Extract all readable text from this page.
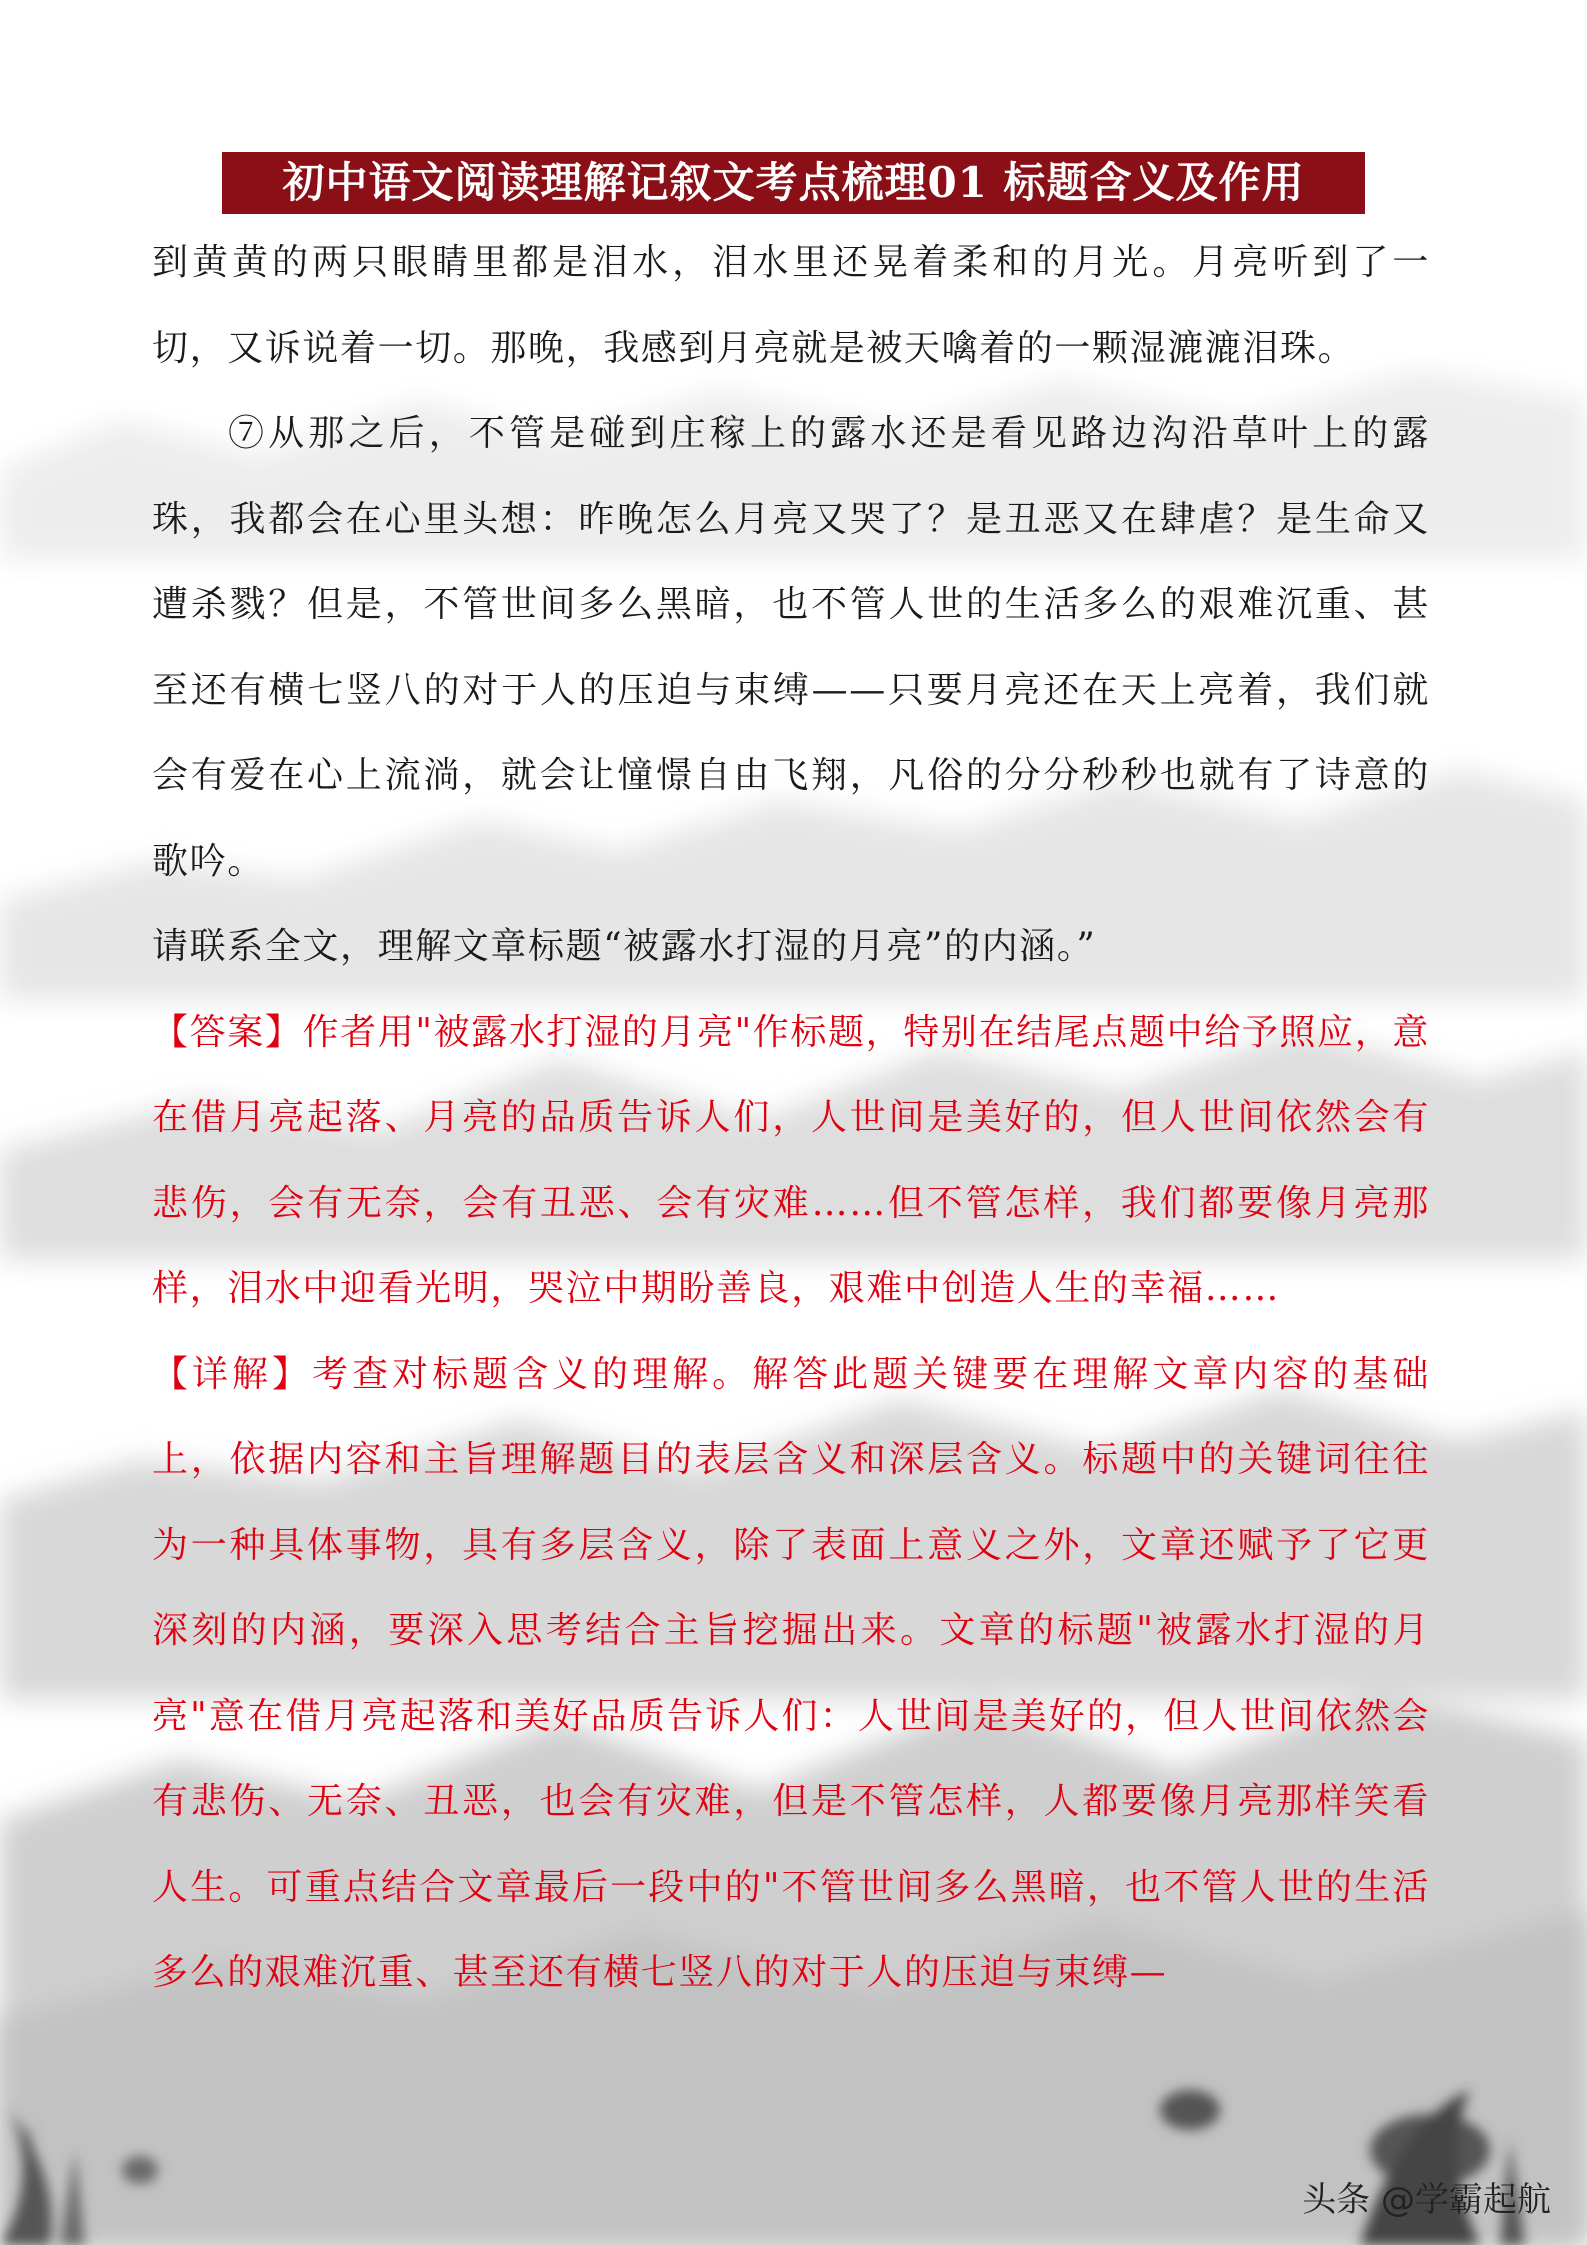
初中语文阅读理解记叙文考点梳理01 标题含义及作用

到黄黄的两只眼睛里都是泪水，泪水里还晃着柔和的月光。月亮听到了一切，又诉说着一切。那晚，我感到月亮就是被天噙着的一颗湿漉漉泪珠。

⑦从那之后，不管是碰到庄稼上的露水还是看见路边沟沿草叶上的露珠，我都会在心里头想：昨晚怎么月亮又哭了？是丑恶又在肆虐？是生命又遭杀戮？但是，不管世间多么黑暗，也不管人世的生活多么的艰难沉重、甚至还有横七竖八的对于人的压迫与束缚——只要月亮还在天上亮着，我们就会有爱在心上流淌，就会让憧憬自由飞翔，凡俗的分分秒秒也就有了诗意的歌吟。

请联系全文，理解文章标题“被露水打湿的月亮”的内涵。”

【答案】作者用"被露水打湿的月亮"作标题，特别在结尾点题中给予照应，意在借月亮起落、月亮的品质告诉人们，人世间是美好的，但人世间依然会有悲伤，会有无奈，会有丑恶、会有灾难……但不管怎样，我们都要像月亮那样，泪水中迎看光明，哭泣中期盼善良，艰难中创造人生的幸福……

【详解】考查对标题含义的理解。解答此题关键要在理解文章内容的基础上，依据内容和主旨理解题目的表层含义和深层含义。标题中的关键词往往为一种具体事物，具有多层含义，除了表面上意义之外，文章还赋予了它更深刻的内涵，要深入思考结合主旨挖掘出来。文章的标题"被露水打湿的月亮"意在借月亮起落和美好品质告诉人们：人世间是美好的，但人世间依然会有悲伤、无奈、丑恶，也会有灾难，但是不管怎样，人都要像月亮那样笑看人生。可重点结合文章最后一段中的"不管世间多么黑暗，也不管人世的生活多么的艰难沉重、甚至还有横七竖八的对于人的压迫与束缚—

头条 @学霸起航
